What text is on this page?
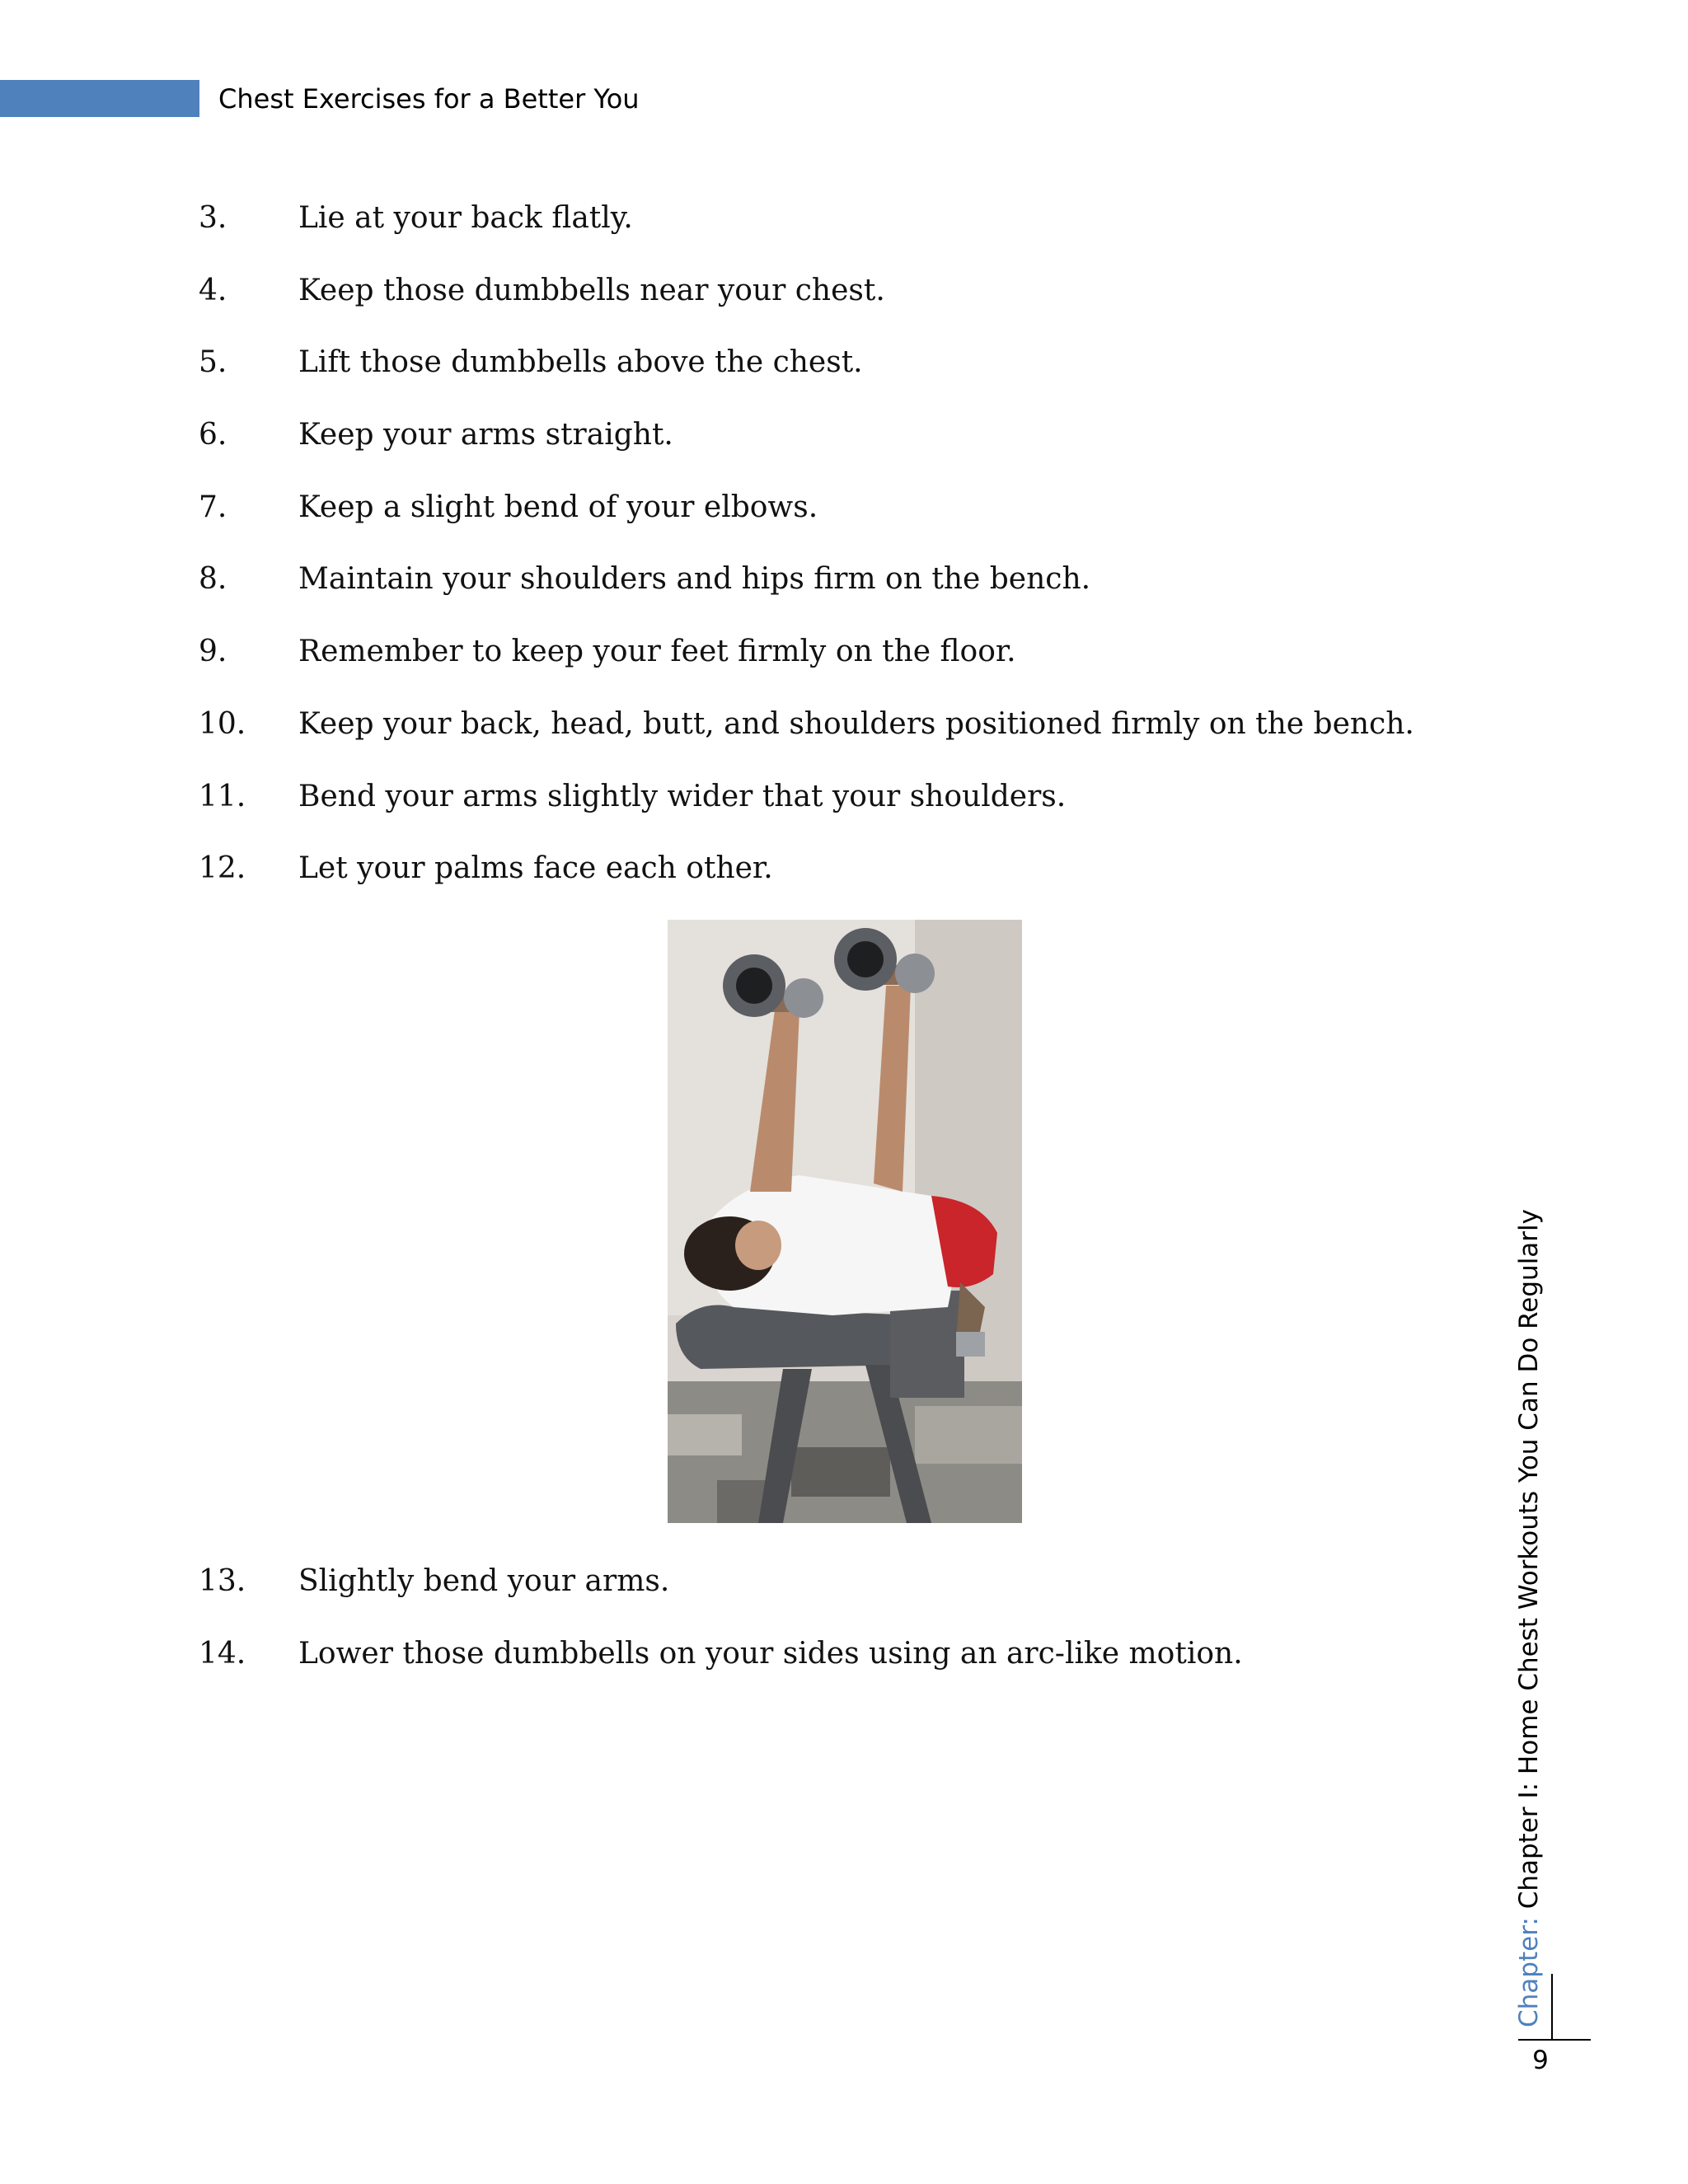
Chest Exercises for a Better You
3. Lie at your back flatly.
4. Keep those dumbbells near your chest.
5. Lift those dumbbells above the chest.
6. Keep your arms straight.
7. Keep a slight bend of your elbows.
8. Maintain your shoulders and hips firm on the bench.
9. Remember to keep your feet firmly on the floor.
10. Keep your back, head, butt, and shoulders positioned firmly on the bench.
11. Bend your arms slightly wider that your shoulders.
12. Let your palms face each other.
13. Slightly bend your arms.
14. Lower those dumbbells on your sides using an arc-like motion.
Chapter: Chapter I: Home Chest Workouts You Can Do Regularly
9
